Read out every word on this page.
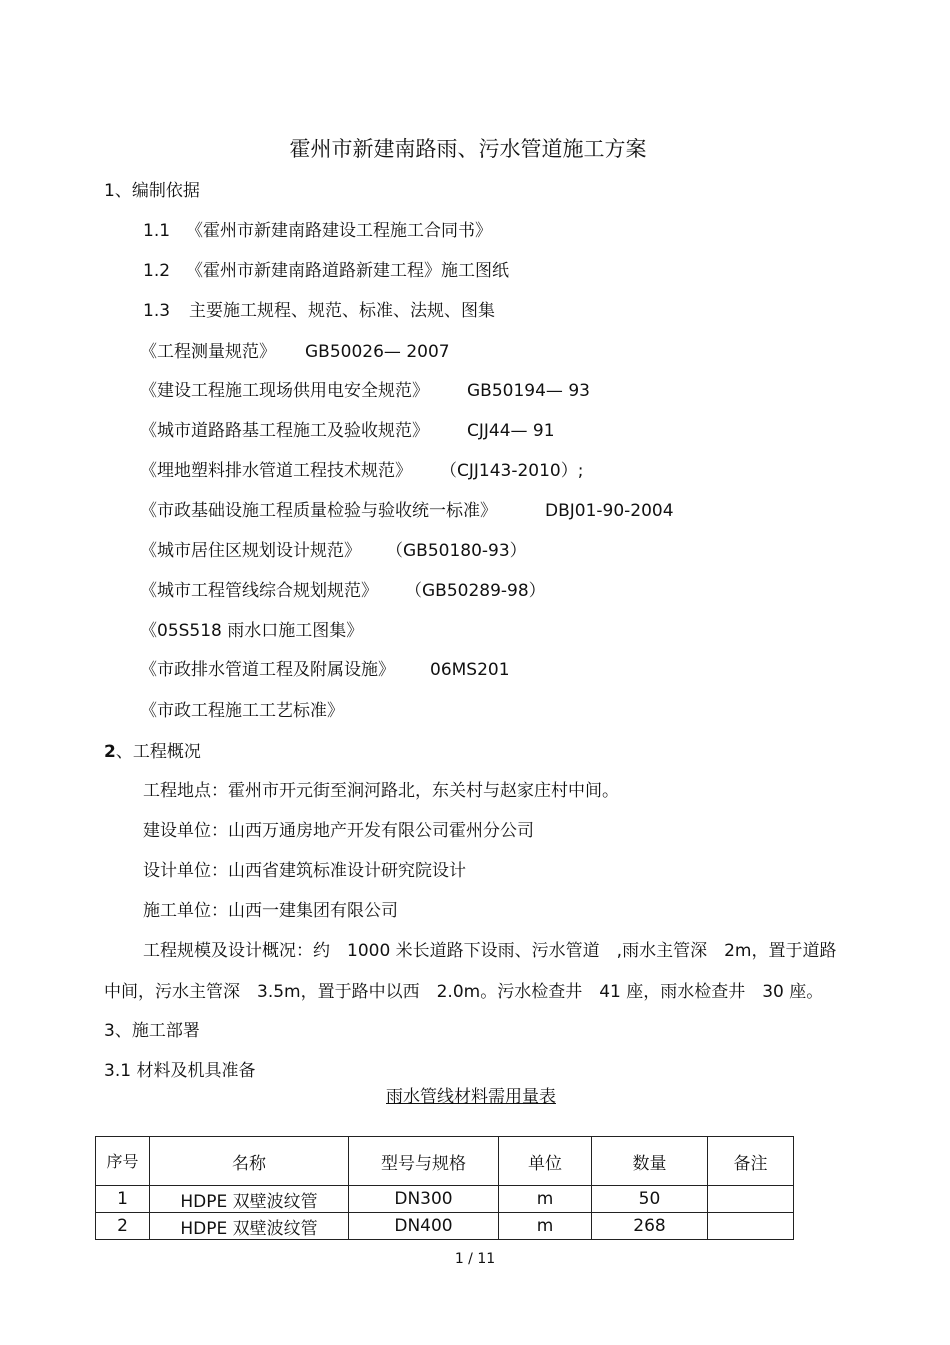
霍州市新建南路雨、污水管道施工方案
1、编制依据
1.1 《霍州市新建南路建设工程施工合同书》
1.2 《霍州市新建南路道路新建工程》施工图纸
1.3 主要施工规程、规范、标准、法规、图集
《工程测量规范》 GB50026— 2007
《建设工程施工现场供用电安全规范》 GB50194— 93
《城市道路路基工程施工及验收规范》 CJJ44— 91
《埋地塑料排水管道工程技术规范》 （CJJ143-2010）;
《市政基础设施工程质量检验与验收统一标准》	DBJ01-90-2004
《城市居住区规划设计规范》 （GB50180-93）
《城市工程管线综合规划规范》 （GB50289-98）
《05S518 雨水口施工图集》
《市政排水管道工程及附属设施》 06MS201
《市政工程施工工艺标准》
2、工程概况
工程地点：霍州市开元街至涧河路北，东关村与赵家庄村中间。
建设单位：山西万通房地产开发有限公司霍州分公司
设计单位：山西省建筑标准设计研究院设计
施工单位：山西一建集团有限公司
工程规模及设计概况：约　1000 米长道路下设雨、污水管道　,雨水主管深　2m，置于道路
中间，污水主管深　3.5m，置于路中以西　2.0m。污水检查井　41 座，雨水检查井　30 座。
3、施工部署
3.1 材料及机具准备
雨水管线材料需用量表
序号	名称	型号与规格	单位	数量	备注
1	HDPE 双壁波纹管	DN300	m	50	
2	HDPE 双壁波纹管	DN400	m	268	
1 / 11
